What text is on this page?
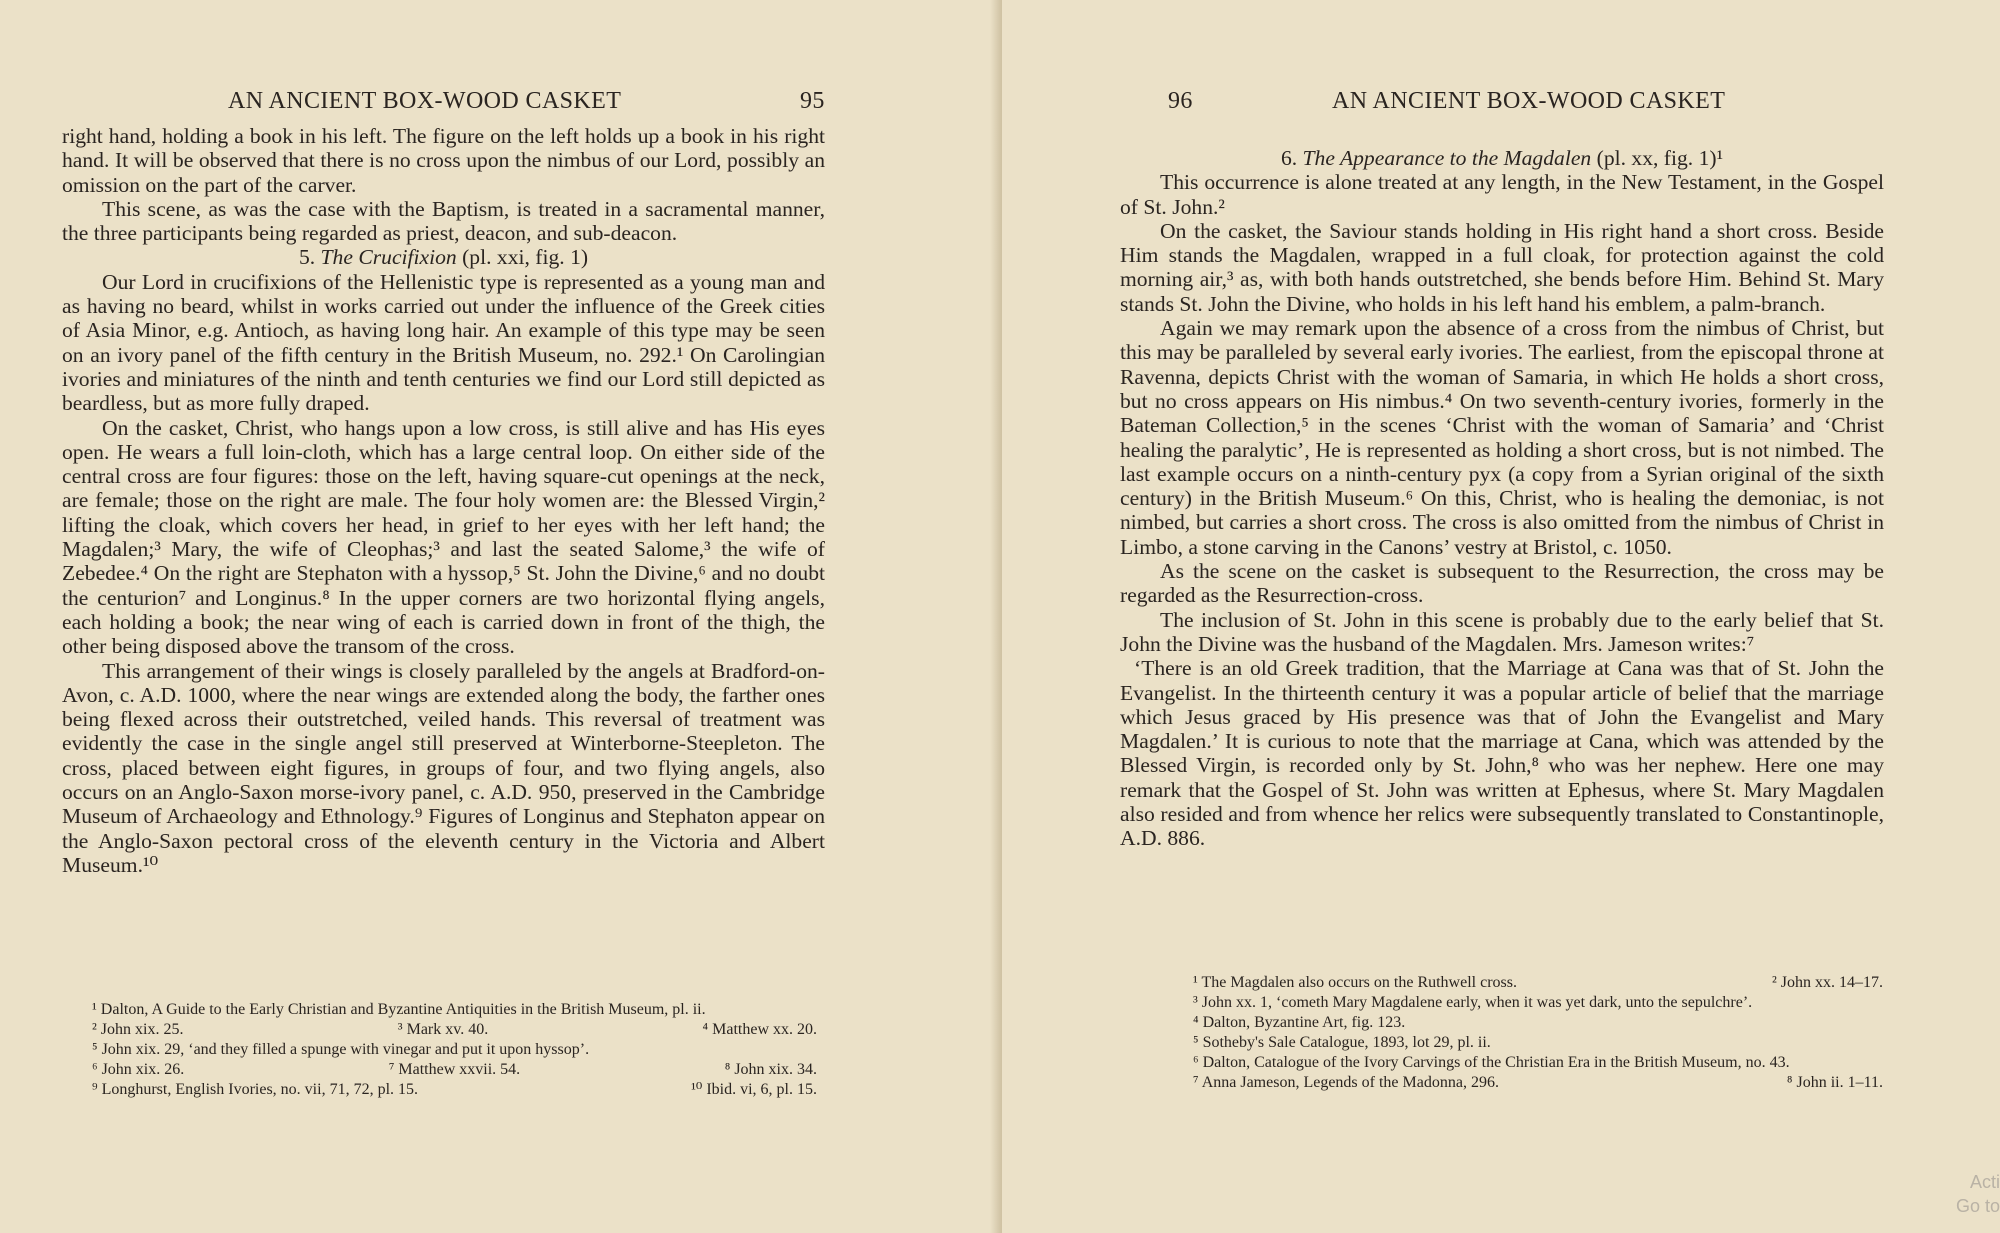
AN ANCIENT BOX-WOOD CASKET	95

right hand, holding a book in his left. The figure on the left holds up a book in his right hand. It will be observed that there is no cross upon the nimbus of our Lord, possibly an omission on the part of the carver.

This scene, as was the case with the Baptism, is treated in a sacramental manner, the three participants being regarded as priest, deacon, and sub-deacon.

5. The Crucifixion (pl. xxi, fig. 1)

Our Lord in crucifixions of the Hellenistic type is represented as a young man and as having no beard, whilst in works carried out under the influence of the Greek cities of Asia Minor, e.g. Antioch, as having long hair. An example of this type may be seen on an ivory panel of the fifth century in the British Museum, no. 292.¹ On Carolingian ivories and miniatures of the ninth and tenth centuries we find our Lord still depicted as beardless, but as more fully draped.

On the casket, Christ, who hangs upon a low cross, is still alive and has His eyes open. He wears a full loin-cloth, which has a large central loop. On either side of the central cross are four figures: those on the left, having square-cut openings at the neck, are female; those on the right are male. The four holy women are: the Blessed Virgin,² lifting the cloak, which covers her head, in grief to her eyes with her left hand; the Magdalen;³ Mary, the wife of Cleophas;³ and last the seated Salome,³ the wife of Zebedee.⁴ On the right are Stephaton with a hyssop,⁵ St. John the Divine,⁶ and no doubt the centurion⁷ and Longinus.⁸ In the upper corners are two horizontal flying angels, each holding a book; the near wing of each is carried down in front of the thigh, the other being disposed above the transom of the cross.

This arrangement of their wings is closely paralleled by the angels at Bradford-on-Avon, c. A.D. 1000, where the near wings are extended along the body, the farther ones being flexed across their outstretched, veiled hands. This reversal of treatment was evidently the case in the single angel still preserved at Winterborne-Steepleton. The cross, placed between eight figures, in groups of four, and two flying angels, also occurs on an Anglo-Saxon morse-ivory panel, c. A.D. 950, preserved in the Cambridge Museum of Archaeology and Ethnology.⁹ Figures of Longinus and Stephaton appear on the Anglo-Saxon pectoral cross of the eleventh century in the Victoria and Albert Museum.¹⁰

¹ Dalton, A Guide to the Early Christian and Byzantine Antiquities in the British Museum, pl. ii.
² John xix. 25.	³ Mark xv. 40.	⁴ Matthew xx. 20.
⁵ John xix. 29, ‘and they filled a spunge with vinegar and put it upon hyssop’.
⁶ John xix. 26.	⁷ Matthew xxvii. 54.	⁸ John xix. 34.
⁹ Longhurst, English Ivories, no. vii, 71, 72, pl. 15.	¹⁰ Ibid. vi, 6, pl. 15.
96	AN ANCIENT BOX-WOOD CASKET

6. The Appearance to the Magdalen (pl. xx, fig. 1)¹

This occurrence is alone treated at any length, in the New Testament, in the Gospel of St. John.²

On the casket, the Saviour stands holding in His right hand a short cross. Beside Him stands the Magdalen, wrapped in a full cloak, for protection against the cold morning air,³ as, with both hands outstretched, she bends before Him. Behind St. Mary stands St. John the Divine, who holds in his left hand his emblem, a palm-branch.

Again we may remark upon the absence of a cross from the nimbus of Christ, but this may be paralleled by several early ivories. The earliest, from the episcopal throne at Ravenna, depicts Christ with the woman of Samaria, in which He holds a short cross, but no cross appears on His nimbus.⁴ On two seventh-century ivories, formerly in the Bateman Collection,⁵ in the scenes ‘Christ with the woman of Samaria’ and ‘Christ healing the paralytic’, He is represented as holding a short cross, but is not nimbed. The last example occurs on a ninth-century pyx (a copy from a Syrian original of the sixth century) in the British Museum.⁶ On this, Christ, who is healing the demoniac, is not nimbed, but carries a short cross. The cross is also omitted from the nimbus of Christ in Limbo, a stone carving in the Canons’ vestry at Bristol, c. 1050.

As the scene on the casket is subsequent to the Resurrection, the cross may be regarded as the Resurrection-cross.

The inclusion of St. John in this scene is probably due to the early belief that St. John the Divine was the husband of the Magdalen. Mrs. Jameson writes:⁷

‘There is an old Greek tradition, that the Marriage at Cana was that of St. John the Evangelist. In the thirteenth century it was a popular article of belief that the marriage which Jesus graced by His presence was that of John the Evangelist and Mary Magdalen.’ It is curious to note that the marriage at Cana, which was attended by the Blessed Virgin, is recorded only by St. John,⁸ who was her nephew. Here one may remark that the Gospel of St. John was written at Ephesus, where St. Mary Magdalen also resided and from whence her relics were subsequently translated to Constantinople, A.D. 886.

¹ The Magdalen also occurs on the Ruthwell cross.	² John xx. 14–17.
³ John xx. 1, ‘cometh Mary Magdalene early, when it was yet dark, unto the sepulchre’.
⁴ Dalton, Byzantine Art, fig. 123.
⁵ Sotheby's Sale Catalogue, 1893, lot 29, pl. ii.
⁶ Dalton, Catalogue of the Ivory Carvings of the Christian Era in the British Museum, no. 43.
⁷ Anna Jameson, Legends of the Madonna, 296.	⁸ John ii. 1–11.
Acti
Go to
